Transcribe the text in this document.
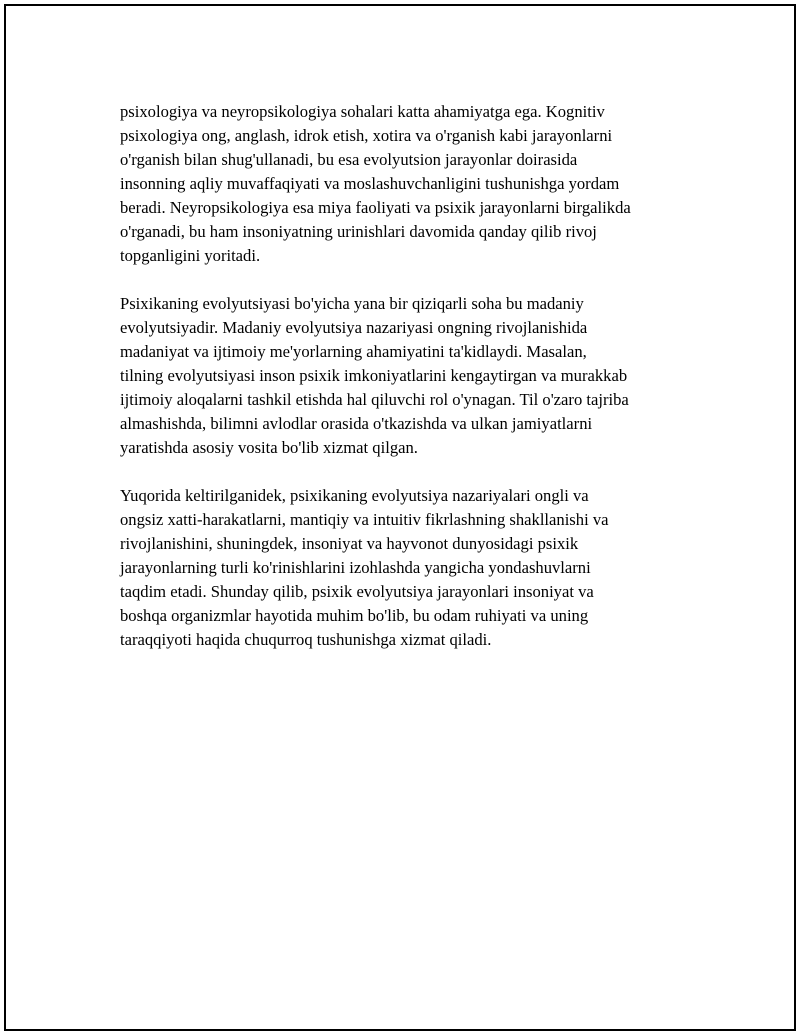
psixologiya va neyropsikologiya sohalari katta ahamiyatga ega. Kognitiv
psixologiya ong, anglash, idrok etish, xotira va o'rganish kabi jarayonlarni
o'rganish bilan shug'ullanadi, bu esa evolyutsion jarayonlar doirasida
insonning aqliy muvaffaqiyati va moslashuvchanligini tushunishga yordam
beradi. Neyropsikologiya esa miya faoliyati va psixik jarayonlarni birgalikda
o'rganadi, bu ham insoniyatning urinishlari davomida qanday qilib rivoj
topganligini yoritadi.

Psixikaning evolyutsiyasi bo'yicha yana bir qiziqarli soha bu madaniy
evolyutsiyadir. Madaniy evolyutsiya nazariyasi ongning rivojlanishida
madaniyat va ijtimoiy me'yorlarning ahamiyatini ta'kidlaydi. Masalan,
tilning evolyutsiyasi inson psixik imkoniyatlarini kengaytirgan va murakkab
ijtimoiy aloqalarni tashkil etishda hal qiluvchi rol o'ynagan. Til o'zaro tajriba
almashishda, bilimni avlodlar orasida o'tkazishda va ulkan jamiyatlarni
yaratishda asosiy vosita bo'lib xizmat qilgan.

Yuqorida keltirilganidek, psixikaning evolyutsiya nazariyalari ongli va
ongsiz xatti-harakatlarni, mantiqiy va intuitiv fikrlashning shakllanishi va
rivojlanishini, shuningdek, insoniyat va hayvonot dunyosidagi psixik
jarayonlarning turli ko'rinishlarini izohlashda yangicha yondashuvlarni
taqdim etadi. Shunday qilib, psixik evolyutsiya jarayonlari insoniyat va
boshqa organizmlar hayotida muhim bo'lib, bu odam ruhiyati va uning
taraqqiyoti haqida chuqurroq tushunishga xizmat qiladi.
